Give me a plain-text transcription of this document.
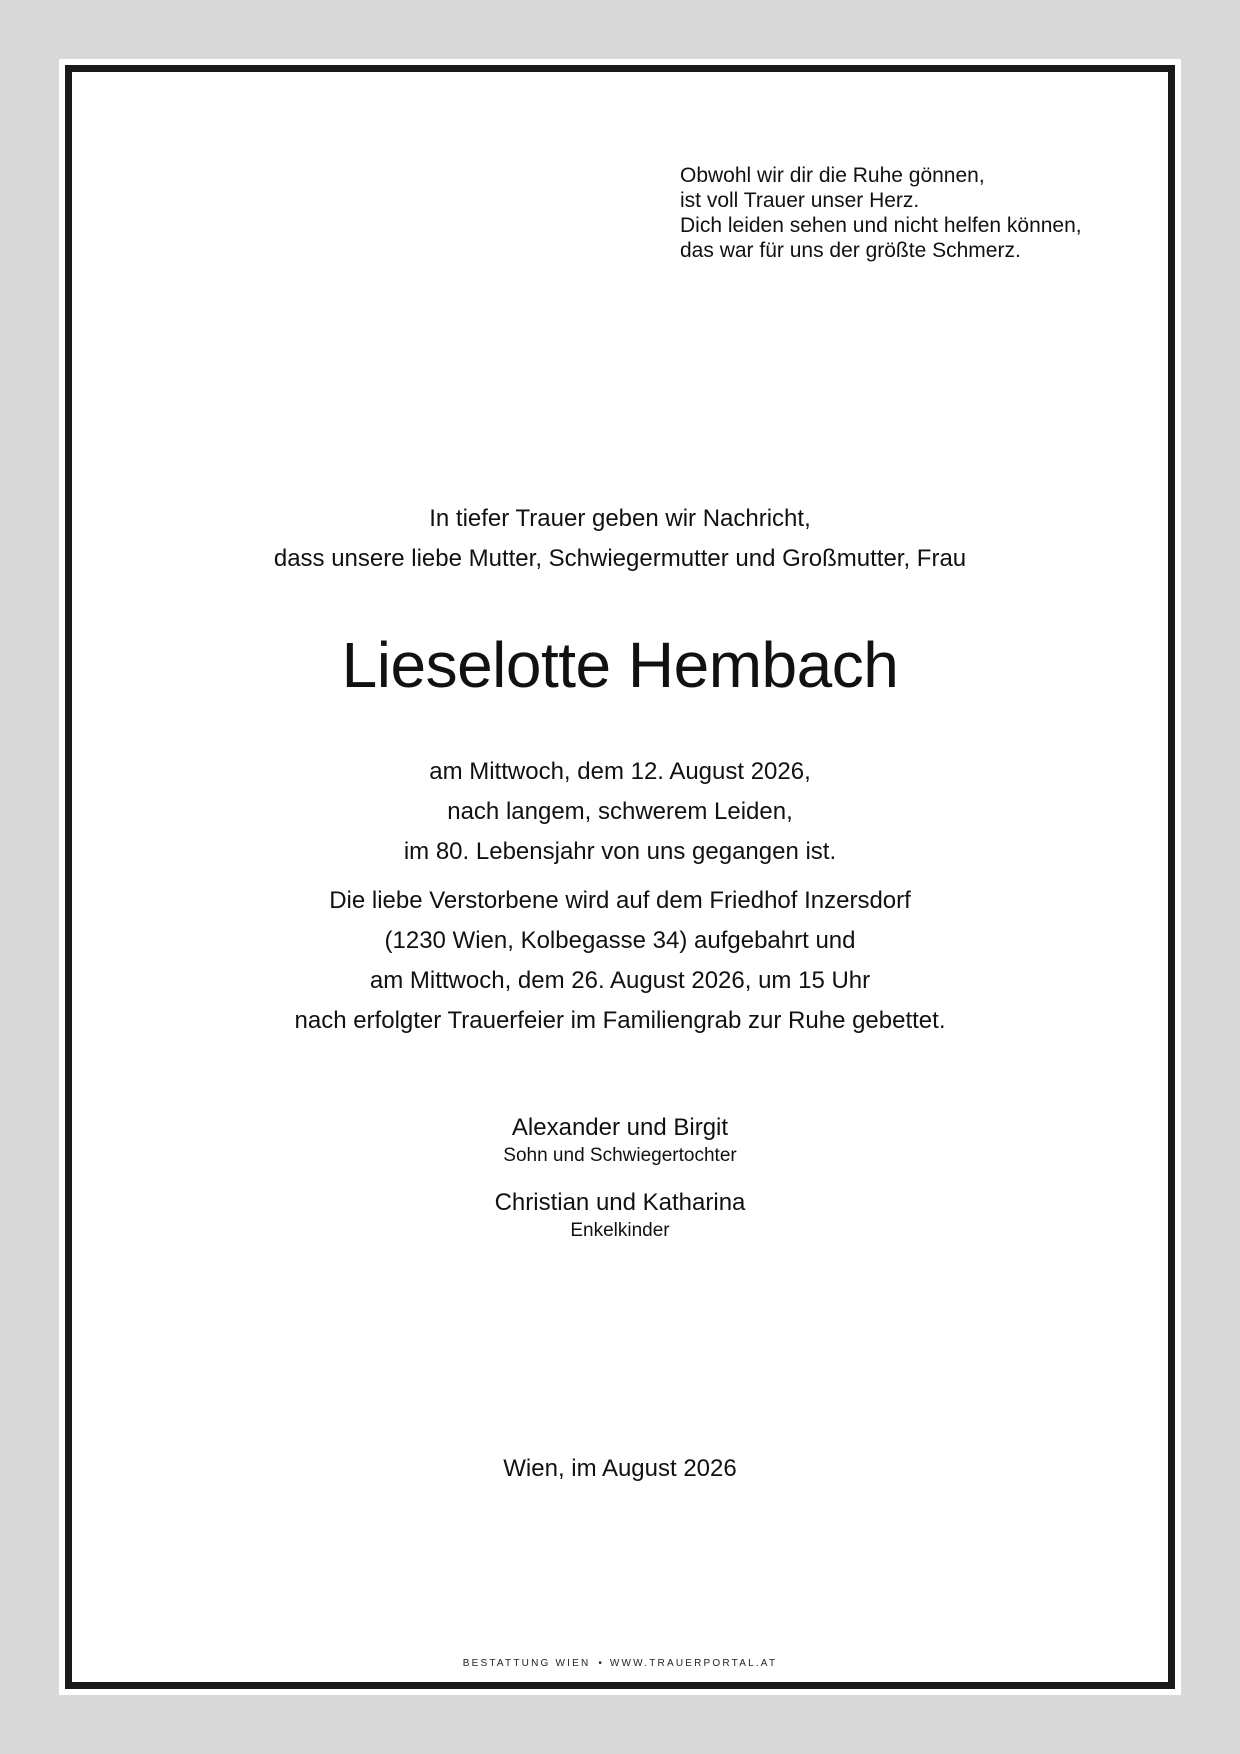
Obwohl wir dir die Ruhe gönnen,
ist voll Trauer unser Herz.
Dich leiden sehen und nicht helfen können,
das war für uns der größte Schmerz.
In tiefer Trauer geben wir Nachricht,
dass unsere liebe Mutter, Schwiegermutter und Großmutter, Frau
Lieselotte Hembach
am Mittwoch, dem 12. August 2026,
nach langem, schwerem Leiden,
im 80. Lebensjahr von uns gegangen ist.
Die liebe Verstorbene wird auf dem Friedhof Inzersdorf
(1230 Wien, Kolbegasse 34) aufgebahrt und
am Mittwoch, dem 26. August 2026, um 15 Uhr
nach erfolgter Trauerfeier im Familiengrab zur Ruhe gebettet.
Alexander und Birgit
Sohn und Schwiegertochter
Christian und Katharina
Enkelkinder
Wien, im August 2026
BESTATTUNG WIEN • WWW.TRAUERPORTAL.AT
